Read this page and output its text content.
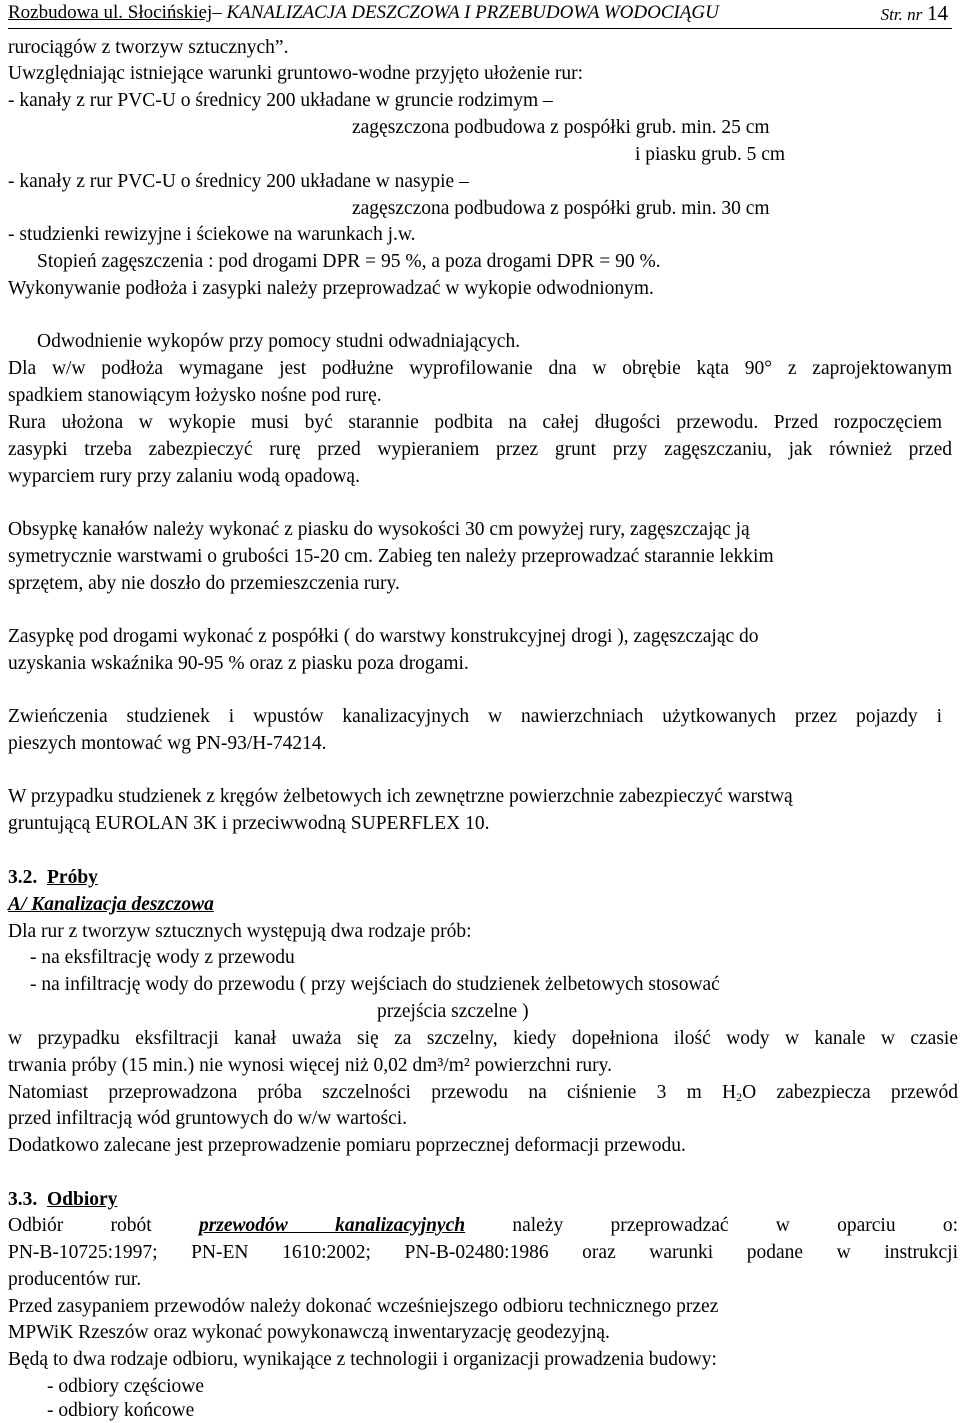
Rozbudowa ul. Słocińskiej– KANALIZACJA DESZCZOWA I PRZEBUDOWA WODOCIĄGU	Str. nr 14
rurociągów z tworzyw sztucznych”.
Uwzględniając istniejące warunki gruntowo-wodne przyjęto ułożenie rur:
- kanały z rur PVC-U o średnicy 200 układane w gruncie rodzimym –
zagęszczona podbudowa z pospółki grub. min. 25 cm
i piasku grub. 5 cm
- kanały z rur PVC-U o średnicy 200 układane w nasypie –
zagęszczona podbudowa z pospółki grub. min. 30 cm
- studzienki rewizyjne i ściekowe na warunkach j.w.
Stopień zagęszczenia : pod drogami DPR = 95 %, a poza drogami DPR = 90 %.
Wykonywanie podłoża i zasypki należy przeprowadzać w wykopie odwodnionym.
Odwodnienie wykopów przy pomocy studni odwadniających.
Dla w/w podłoża wymagane jest podłużne wyprofilowanie dna w obrębie kąta 90° z zaprojektowanym
spadkiem stanowiącym łożysko nośne pod rurę.
Rura ułożona w wykopie musi być starannie podbita na całej długości przewodu. Przed rozpoczęciem
zasypki trzeba zabezpieczyć rurę przed wypieraniem przez grunt przy zagęszczaniu, jak również przed
wyparciem rury przy zalaniu wodą opadową.
Obsypkę kanałów należy wykonać z piasku do wysokości 30 cm powyżej rury, zagęszczając ją
symetrycznie warstwami o grubości 15-20 cm. Zabieg ten należy przeprowadzać starannie lekkim
sprzętem, aby nie doszło do przemieszczenia rury.
Zasypkę pod drogami wykonać z pospółki ( do warstwy konstrukcyjnej drogi ), zagęszczając do
uzyskania wskaźnika 90-95 % oraz z piasku poza drogami.
Zwieńczenia studzienek i wpustów kanalizacyjnych w nawierzchniach użytkowanych przez pojazdy i
pieszych montować wg PN-93/H-74214.
W przypadku studzienek z kręgów żelbetowych ich zewnętrzne powierzchnie zabezpieczyć warstwą
gruntującą EUROLAN 3K i przeciwwodną SUPERFLEX 10.
3.2. Próby
A/ Kanalizacja deszczowa
Dla rur z tworzyw sztucznych występują dwa rodzaje prób:
- na eksfiltrację wody z przewodu
- na infiltrację wody do przewodu ( przy wejściach do studzienek żelbetowych stosować
przejścia szczelne )
w przypadku eksfiltracji kanał uważa się za szczelny, kiedy dopełniona ilość wody w kanale w czasie
trwania próby (15 min.) nie wynosi więcej niż 0,02 dm³/m² powierzchni rury.
Natomiast przeprowadzona próba szczelności przewodu na ciśnienie 3 m $H_2O$ zabezpiecza przewód
przed infiltracją wód gruntowych do w/w wartości.
Dodatkowo zalecane jest przeprowadzenie pomiaru poprzecznej deformacji przewodu.
3.3. Odbiory
Odbiór robót przewodów kanalizacyjnych należy przeprowadzać w oparciu o:
PN-B-10725:1997; PN-EN 1610:2002; PN-B-02480:1986 oraz warunki podane w instrukcji
producentów rur.
Przed zasypaniem przewodów należy dokonać wcześniejszego odbioru technicznego przez
MPWiK Rzeszów oraz wykonać powykonawczą inwentaryzację geodezyjną.
Będą to dwa rodzaje odbioru, wynikające z technologii i organizacji prowadzenia budowy:
- odbiory częściowe
- odbiory końcowe
